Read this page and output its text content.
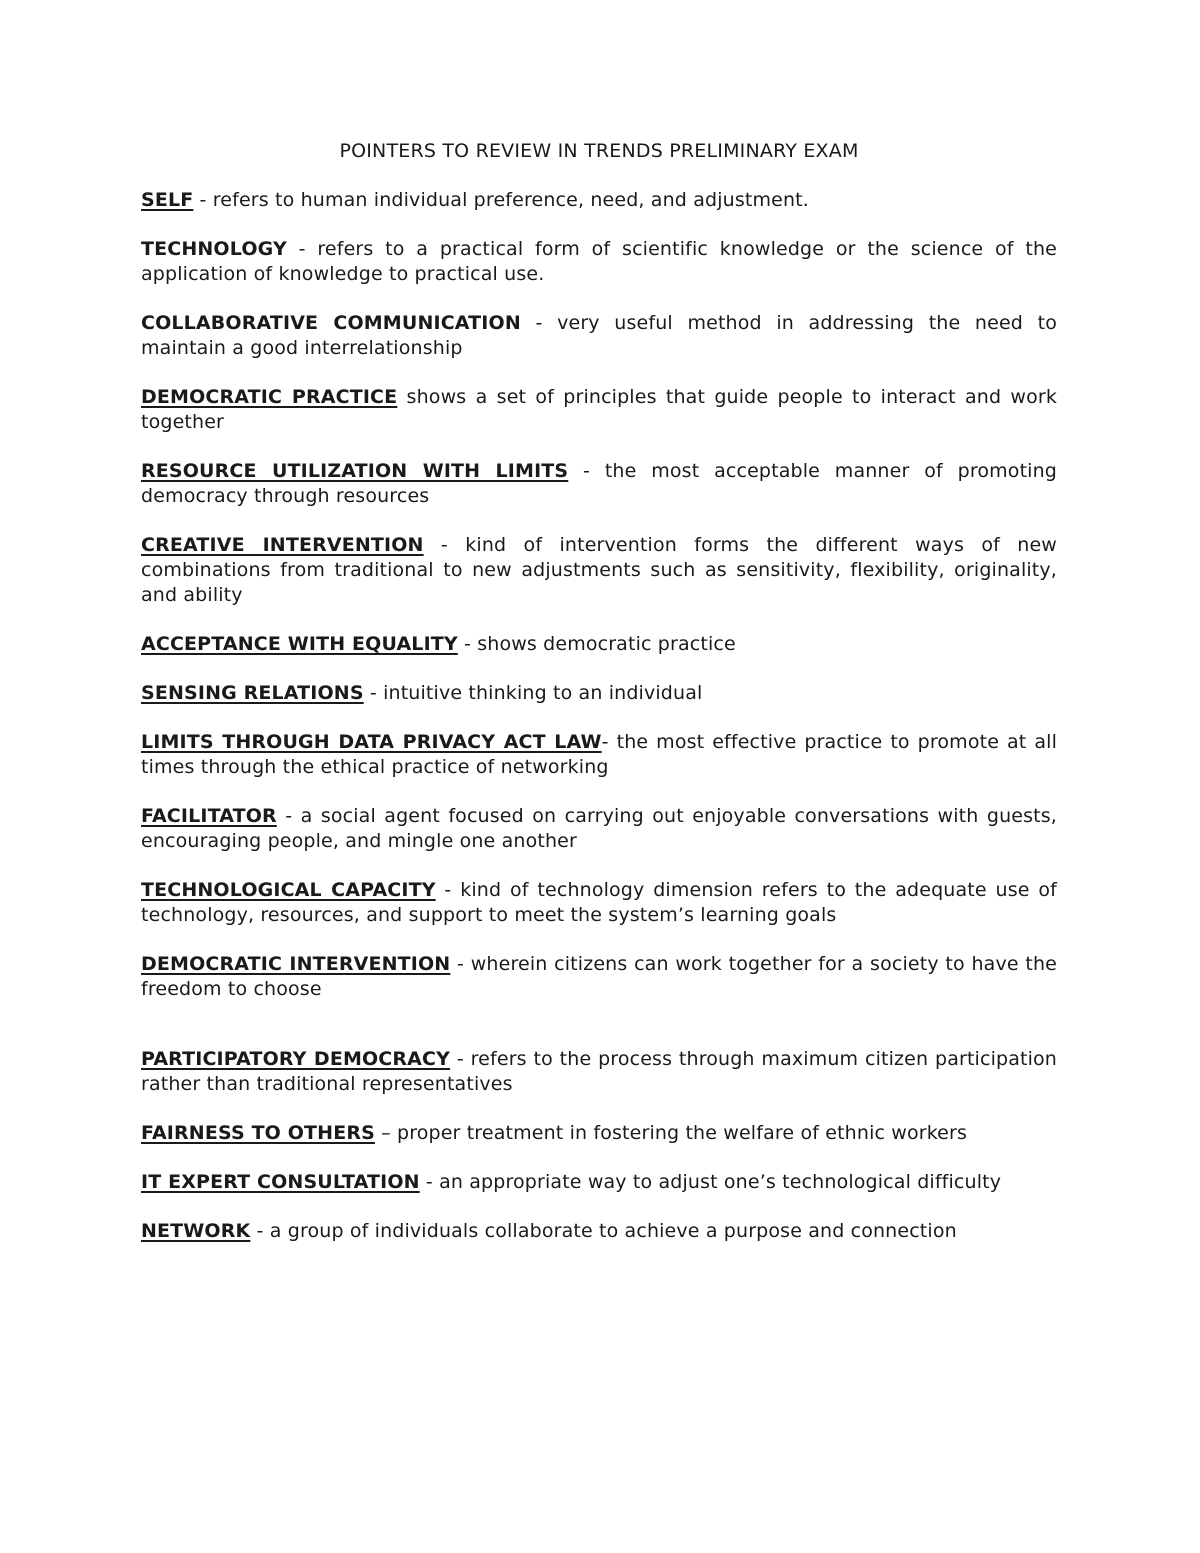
POINTERS TO REVIEW IN TRENDS PRELIMINARY EXAM
SELF - refers to human individual preference, need, and adjustment.
TECHNOLOGY - refers to a practical form of scientific knowledge or the science of the application of knowledge to practical use.
COLLABORATIVE COMMUNICATION - very useful method in addressing the need to maintain a good interrelationship
DEMOCRATIC PRACTICE shows a set of principles that guide people to interact and work together
RESOURCE UTILIZATION WITH LIMITS - the most acceptable manner of promoting democracy through resources
CREATIVE INTERVENTION - kind of intervention forms the different ways of new combinations from traditional to new adjustments such as sensitivity, flexibility, originality, and ability
ACCEPTANCE WITH EQUALITY - shows democratic practice
SENSING RELATIONS - intuitive thinking to an individual
LIMITS THROUGH DATA PRIVACY ACT LAW- the most effective practice to promote at all times through the ethical practice of networking
FACILITATOR - a social agent focused on carrying out enjoyable conversations with guests, encouraging people, and mingle one another
TECHNOLOGICAL CAPACITY - kind of technology dimension refers to the adequate use of technology, resources, and support to meet the system’s learning goals
DEMOCRATIC INTERVENTION - wherein citizens can work together for a society to have the freedom to choose
PARTICIPATORY DEMOCRACY - refers to the process through maximum citizen participation rather than traditional representatives
FAIRNESS TO OTHERS – proper treatment in fostering the welfare of ethnic workers
IT EXPERT CONSULTATION - an appropriate way to adjust one’s technological difficulty
NETWORK - a group of individuals collaborate to achieve a purpose and connection
